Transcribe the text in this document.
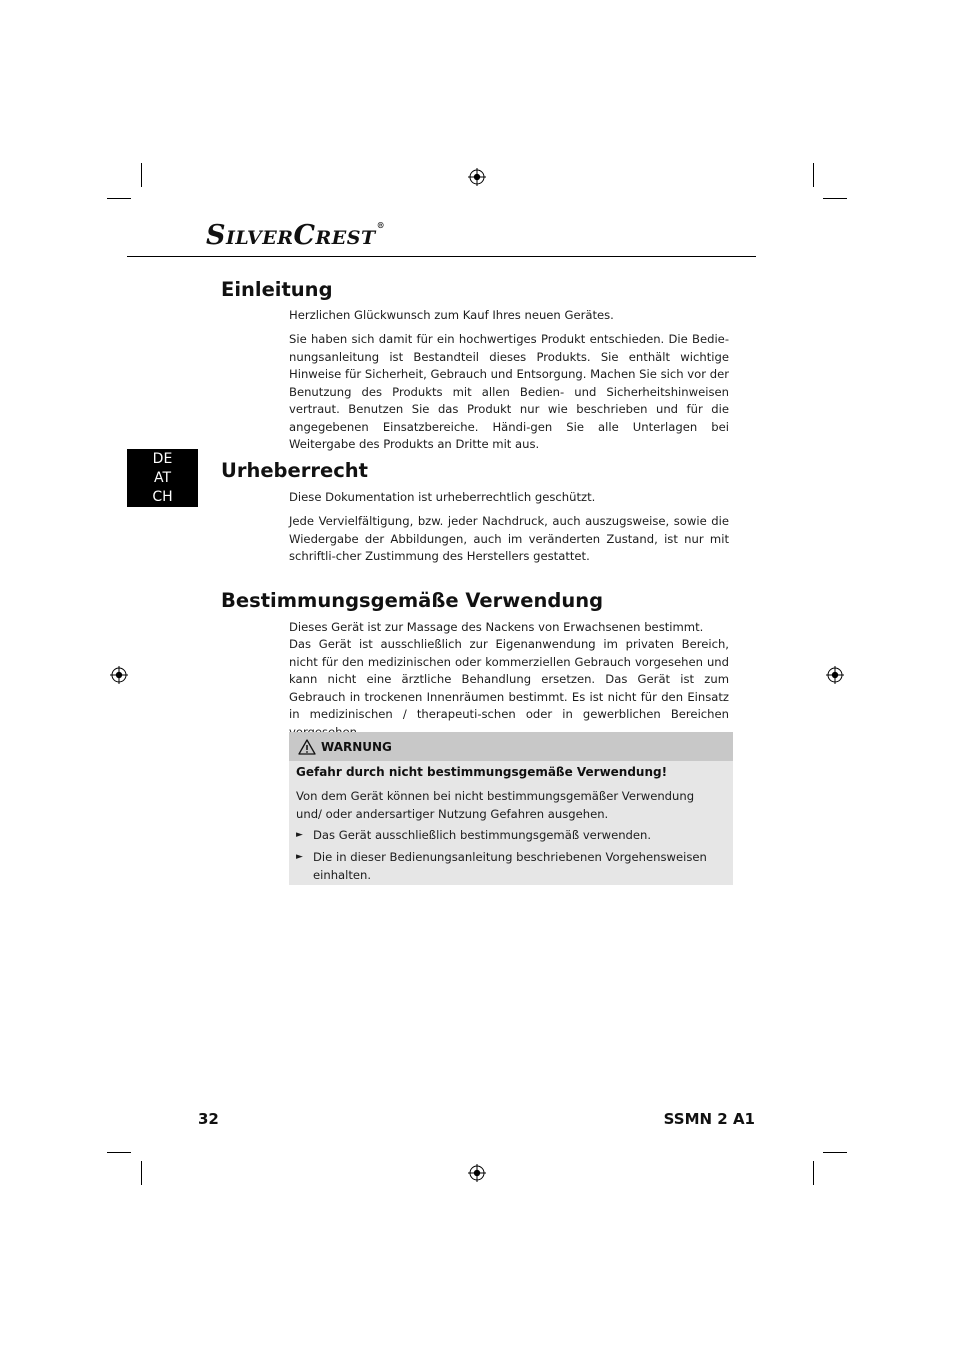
SILVERCREST®
Einleitung

Herzlichen Glückwunsch zum Kauf Ihres neuen Gerätes.

Sie haben sich damit für ein hochwertiges Produkt entschieden. Die Bedie-nungsanleitung ist Bestandteil dieses Produkts. Sie enthält wichtige Hinweise für Sicherheit, Gebrauch und Entsorgung. Machen Sie sich vor der Benutzung des Produkts mit allen Bedien- und Sicherheitshinweisen vertraut. Benutzen Sie das Produkt nur wie beschrieben und für die angegebenen Einsatzbereiche. Händi-gen Sie alle Unterlagen bei Weitergabe des Produkts an Dritte mit aus.

DE
AT
CH
Urheberrecht

Diese Dokumentation ist urheberrechtlich geschützt.

Jede Vervielfältigung, bzw. jeder Nachdruck, auch auszugsweise, sowie die Wiedergabe der Abbildungen, auch im veränderten Zustand, ist nur mit schriftli-cher Zustimmung des Herstellers gestattet.

Bestimmungsgemäße Verwendung

Dieses Gerät ist zur Massage des Nackens von Erwachsenen bestimmt.

Das Gerät ist ausschließlich zur Eigenanwendung im privaten Bereich, nicht für den medizinischen oder kommerziellen Gebrauch vorgesehen und kann nicht eine ärztliche Behandlung ersetzen. Das Gerät ist zum Gebrauch in trockenen Innenräumen bestimmt. Es ist nicht für den Einsatz in medizinischen / therapeuti-schen oder in gewerblichen Bereichen

WARNUNG
Gefahr durch nicht bestimmungsgemäße Verwendung!
Von dem Gerät können bei nicht bestimmungsgemäßer Verwendung und/ oder andersartiger Nutzung Gefahren ausgehen.
► Das Gerät ausschließlich bestimmungsgemäß verwenden.
► Die in dieser Bedienungsanleitung beschriebenen Vorgehensweisen einhalten.
32	SSMN 2 A1
